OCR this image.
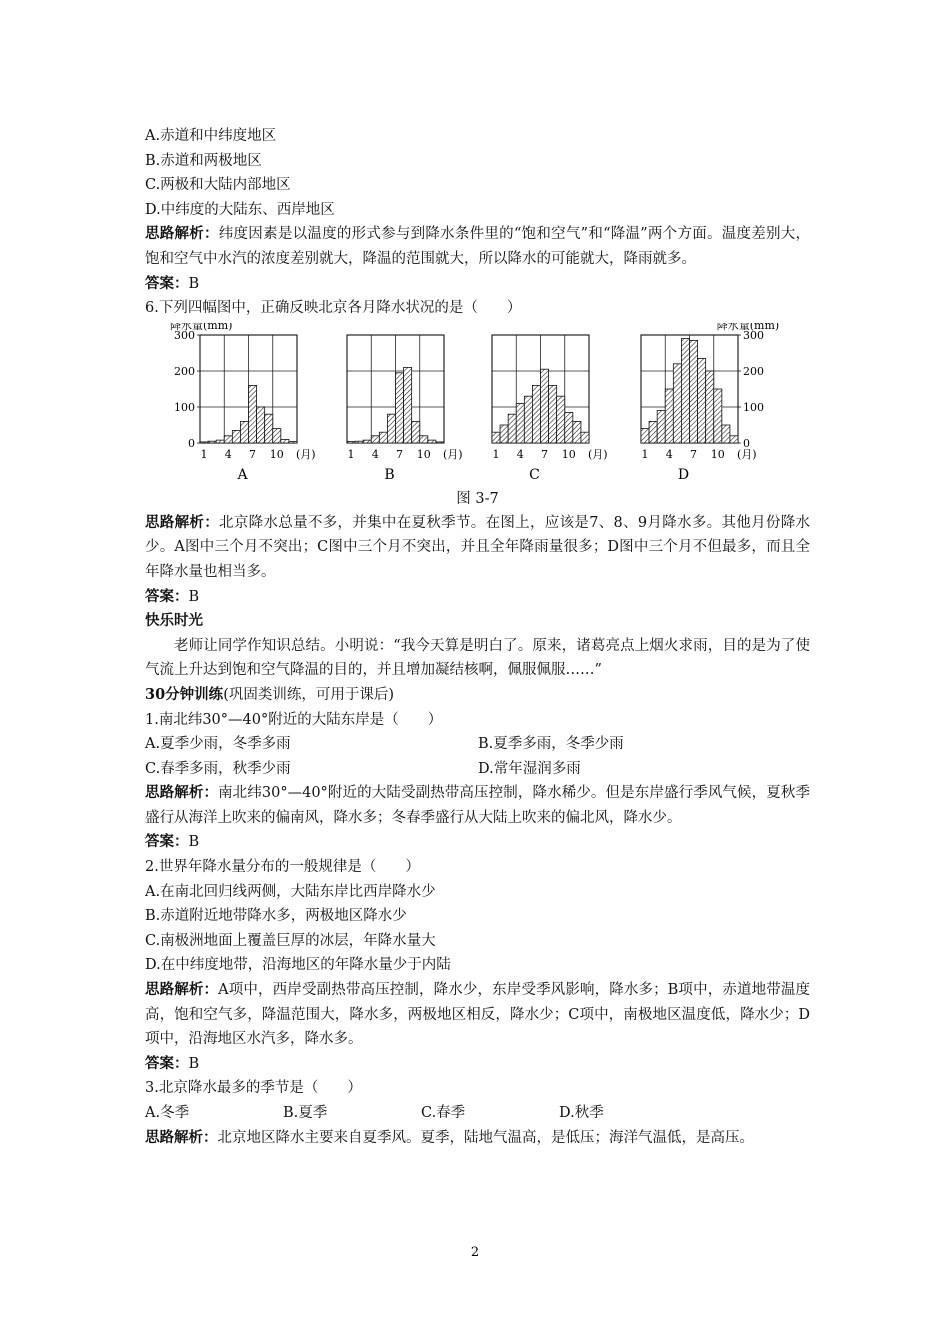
A.赤道和中纬度地区
B.赤道和两极地区
C.两极和大陆内部地区
D.中纬度的大陆东、西岸地区
思路解析：纬度因素是以温度的形式参与到降水条件里的“饱和空气”和“降温”两个方面。温度差别大，饱和空气中水汽的浓度差别就大，降温的范围就大，所以降水的可能就大，降雨就多。
答案：B
6.下列四幅图中，正确反映北京各月降水状况的是（　　）
0
100
200
300
降水量(mm)
1 4 7 10 (月)
A
1 4 7 10 (月)
B
1 4 7 10 (月)
C
0
100
200
300
降水量(mm)
1 4 7 10 (月)
D
图 3-7
思路解析：北京降水总量不多，并集中在夏秋季节。在图上，应该是7、8、9月降水多。其他月份降水少。A图中三个月不突出；C图中三个月不突出，并且全年降雨量很多；D图中三个月不但最多，而且全年降水量也相当多。
答案：B
快乐时光
老师让同学作知识总结。小明说：“我今天算是明白了。原来，诸葛亮点上烟火求雨，目的是为了使气流上升达到饱和空气降温的目的，并且增加凝结核啊，佩服佩服……”
30分钟训练(巩固类训练，可用于课后)
1.南北纬30°—40°附近的大陆东岸是（　　）
A.夏季少雨，冬季多雨	B.夏季多雨，冬季少雨
C.春季多雨，秋季少雨	D.常年湿润多雨
思路解析：南北纬30°—40°附近的大陆受副热带高压控制，降水稀少。但是东岸盛行季风气候，夏秋季盛行从海洋上吹来的偏南风，降水多；冬春季盛行从大陆上吹来的偏北风，降水少。
答案：B
2.世界年降水量分布的一般规律是（　　）
A.在南北回归线两侧，大陆东岸比西岸降水少
B.赤道附近地带降水多，两极地区降水少
C.南极洲地面上覆盖巨厚的冰层，年降水量大
D.在中纬度地带，沿海地区的年降水量少于内陆
思路解析：A项中，西岸受副热带高压控制，降水少，东岸受季风影响，降水多；B项中，赤道地带温度高，饱和空气多，降温范围大，降水多，两极地区相反，降水少；C项中，南极地区温度低，降水少；D项中，沿海地区水汽多，降水多。
答案：B
3.北京降水最多的季节是（　　）
A.冬季	B.夏季	C.春季	D.秋季
思路解析：北京地区降水主要来自夏季风。夏季，陆地气温高，是低压；海洋气温低，是高压。
2
